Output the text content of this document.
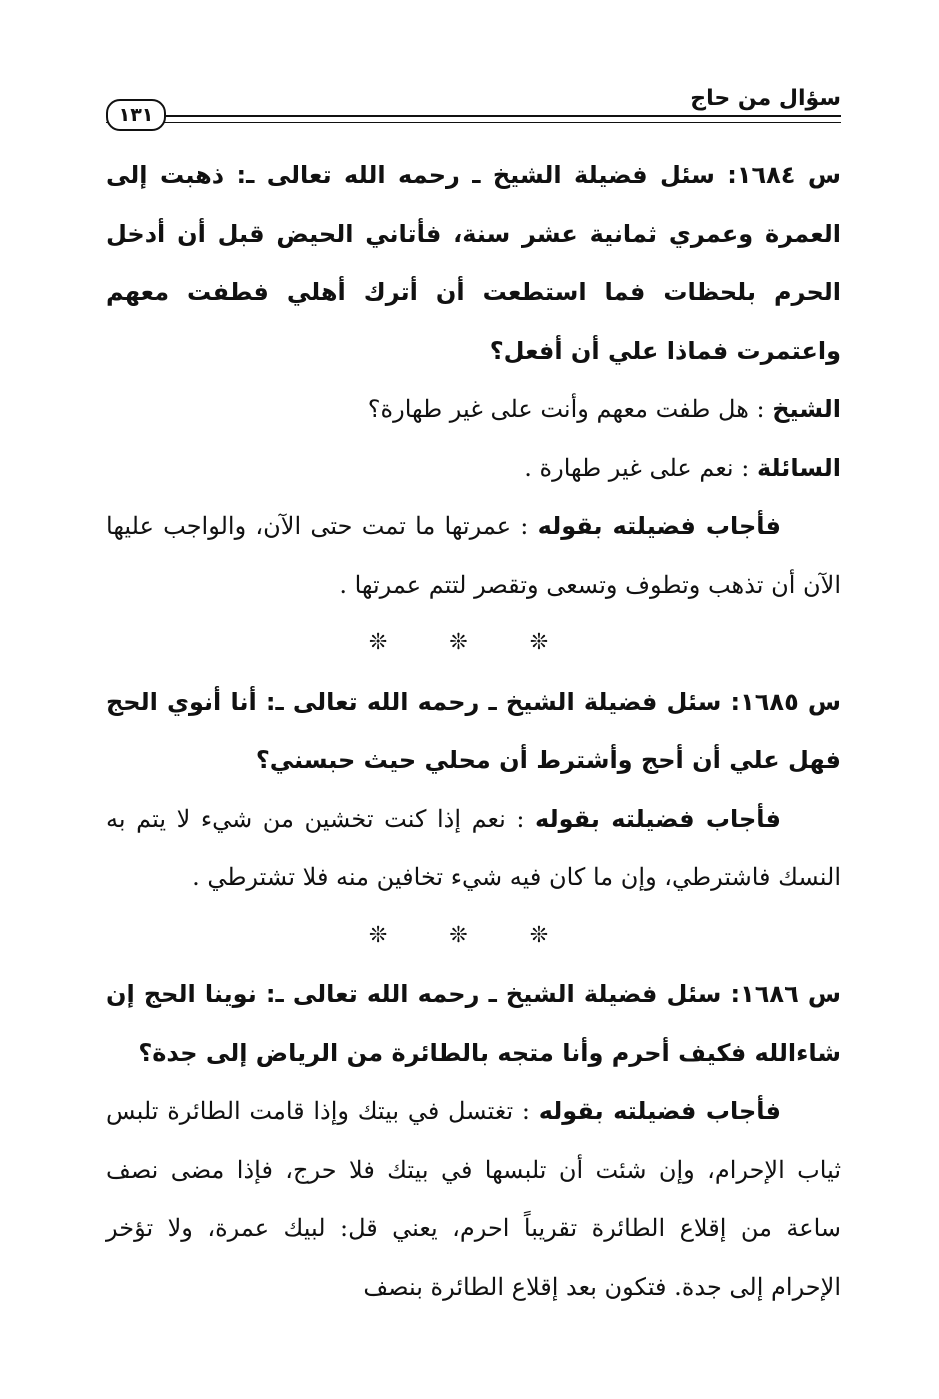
سؤال من حاج
١٣١

س ١٦٨٤: سئل فضيلة الشيخ ـ رحمه الله تعالى ـ: ذهبت إلى العمرة وعمري ثمانية عشر سنة، فأتاني الحيض قبل أن أدخل الحرم بلحظات فما استطعت أن أترك أهلي فطفت معهم واعتمرت فماذا علي أن أفعل؟

الشيخ : هل طفت معهم وأنت على غير طهارة؟

السائلة : نعم على غير طهارة .

فأجاب فضيلته بقوله : عمرتها ما تمت حتى الآن، والواجب عليها الآن أن تذهب وتطوف وتسعى وتقصر لتتم عمرتها .

❊ ❊ ❊

س ١٦٨٥: سئل فضيلة الشيخ ـ رحمه الله تعالى ـ: أنا أنوي الحج فهل علي أن أحج وأشترط أن محلي حيث حبسني؟

فأجاب فضيلته بقوله : نعم إذا كنت تخشين من شيء لا يتم به النسك فاشترطي، وإن ما كان فيه شيء تخافين منه فلا تشترطي .

❊ ❊ ❊

س ١٦٨٦: سئل فضيلة الشيخ ـ رحمه الله تعالى ـ: نوينا الحج إن شاءالله فكيف أحرم وأنا متجه بالطائرة من الرياض إلى جدة؟

فأجاب فضيلته بقوله : تغتسل في بيتك وإذا قامت الطائرة تلبس ثياب الإحرام، وإن شئت أن تلبسها في بيتك فلا حرج، فإذا مضى نصف ساعة من إقلاع الطائرة تقريباً احرم، يعني قل: لبيك عمرة، ولا تؤخر الإحرام إلى جدة. فتكون بعد إقلاع الطائرة بنصف
